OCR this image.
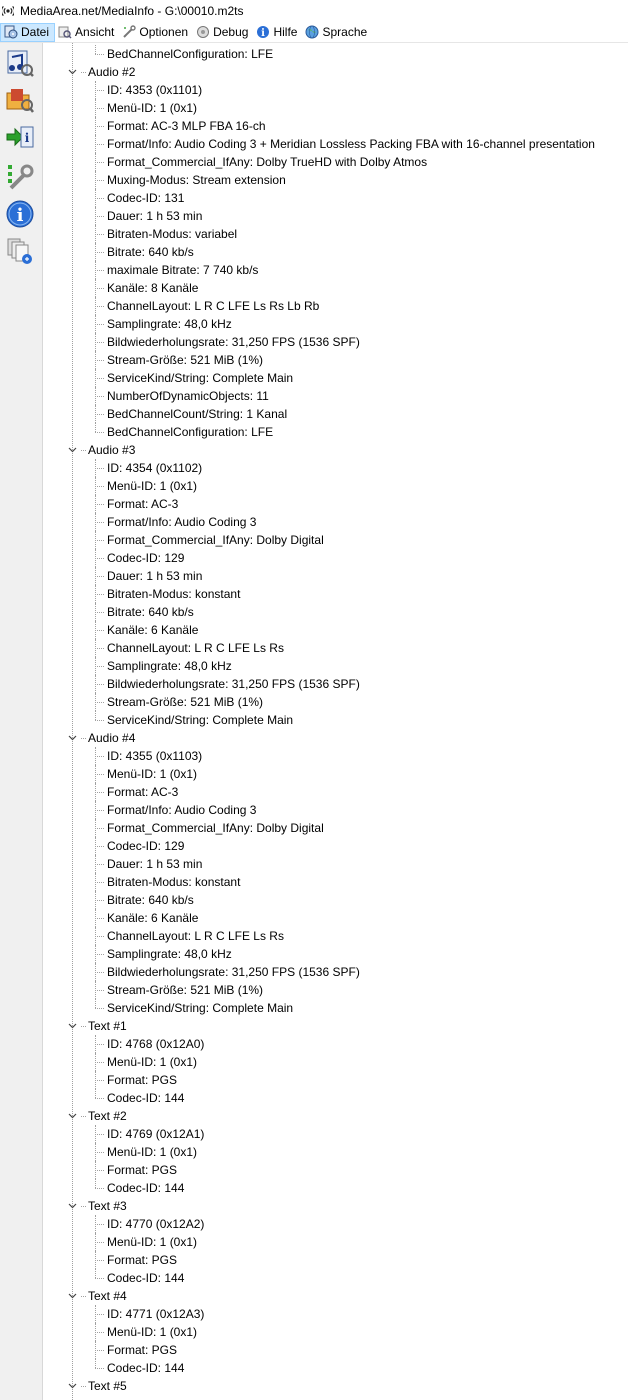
MediaArea.net/MediaInfo - G:\00010.m2ts
Datei Ansicht Optionen Debug i Hilfe Sprache
i
i
BedChannelConfiguration: LFE
Audio #2
ID: 4353 (0x1101)
Menü-ID: 1 (0x1)
Format: AC-3 MLP FBA 16-ch
Format/Info: Audio Coding 3 + Meridian Lossless Packing FBA with 16-channel presentation
Format_Commercial_IfAny: Dolby TrueHD with Dolby Atmos
Muxing-Modus: Stream extension
Codec-ID: 131
Dauer: 1 h 53 min
Bitraten-Modus: variabel
Bitrate: 640 kb/s
maximale Bitrate: 7 740 kb/s
Kanäle: 8 Kanäle
ChannelLayout: L R C LFE Ls Rs Lb Rb
Samplingrate: 48,0 kHz
Bildwiederholungsrate: 31,250 FPS (1536 SPF)
Stream-Größe: 521 MiB (1%)
ServiceKind/String: Complete Main
NumberOfDynamicObjects: 11
BedChannelCount/String: 1 Kanal
BedChannelConfiguration: LFE
Audio #3
ID: 4354 (0x1102)
Menü-ID: 1 (0x1)
Format: AC-3
Format/Info: Audio Coding 3
Format_Commercial_IfAny: Dolby Digital
Codec-ID: 129
Dauer: 1 h 53 min
Bitraten-Modus: konstant
Bitrate: 640 kb/s
Kanäle: 6 Kanäle
ChannelLayout: L R C LFE Ls Rs
Samplingrate: 48,0 kHz
Bildwiederholungsrate: 31,250 FPS (1536 SPF)
Stream-Größe: 521 MiB (1%)
ServiceKind/String: Complete Main
Audio #4
ID: 4355 (0x1103)
Menü-ID: 1 (0x1)
Format: AC-3
Format/Info: Audio Coding 3
Format_Commercial_IfAny: Dolby Digital
Codec-ID: 129
Dauer: 1 h 53 min
Bitraten-Modus: konstant
Bitrate: 640 kb/s
Kanäle: 6 Kanäle
ChannelLayout: L R C LFE Ls Rs
Samplingrate: 48,0 kHz
Bildwiederholungsrate: 31,250 FPS (1536 SPF)
Stream-Größe: 521 MiB (1%)
ServiceKind/String: Complete Main
Text #1
ID: 4768 (0x12A0)
Menü-ID: 1 (0x1)
Format: PGS
Codec-ID: 144
Text #2
ID: 4769 (0x12A1)
Menü-ID: 1 (0x1)
Format: PGS
Codec-ID: 144
Text #3
ID: 4770 (0x12A2)
Menü-ID: 1 (0x1)
Format: PGS
Codec-ID: 144
Text #4
ID: 4771 (0x12A3)
Menü-ID: 1 (0x1)
Format: PGS
Codec-ID: 144
Text #5
